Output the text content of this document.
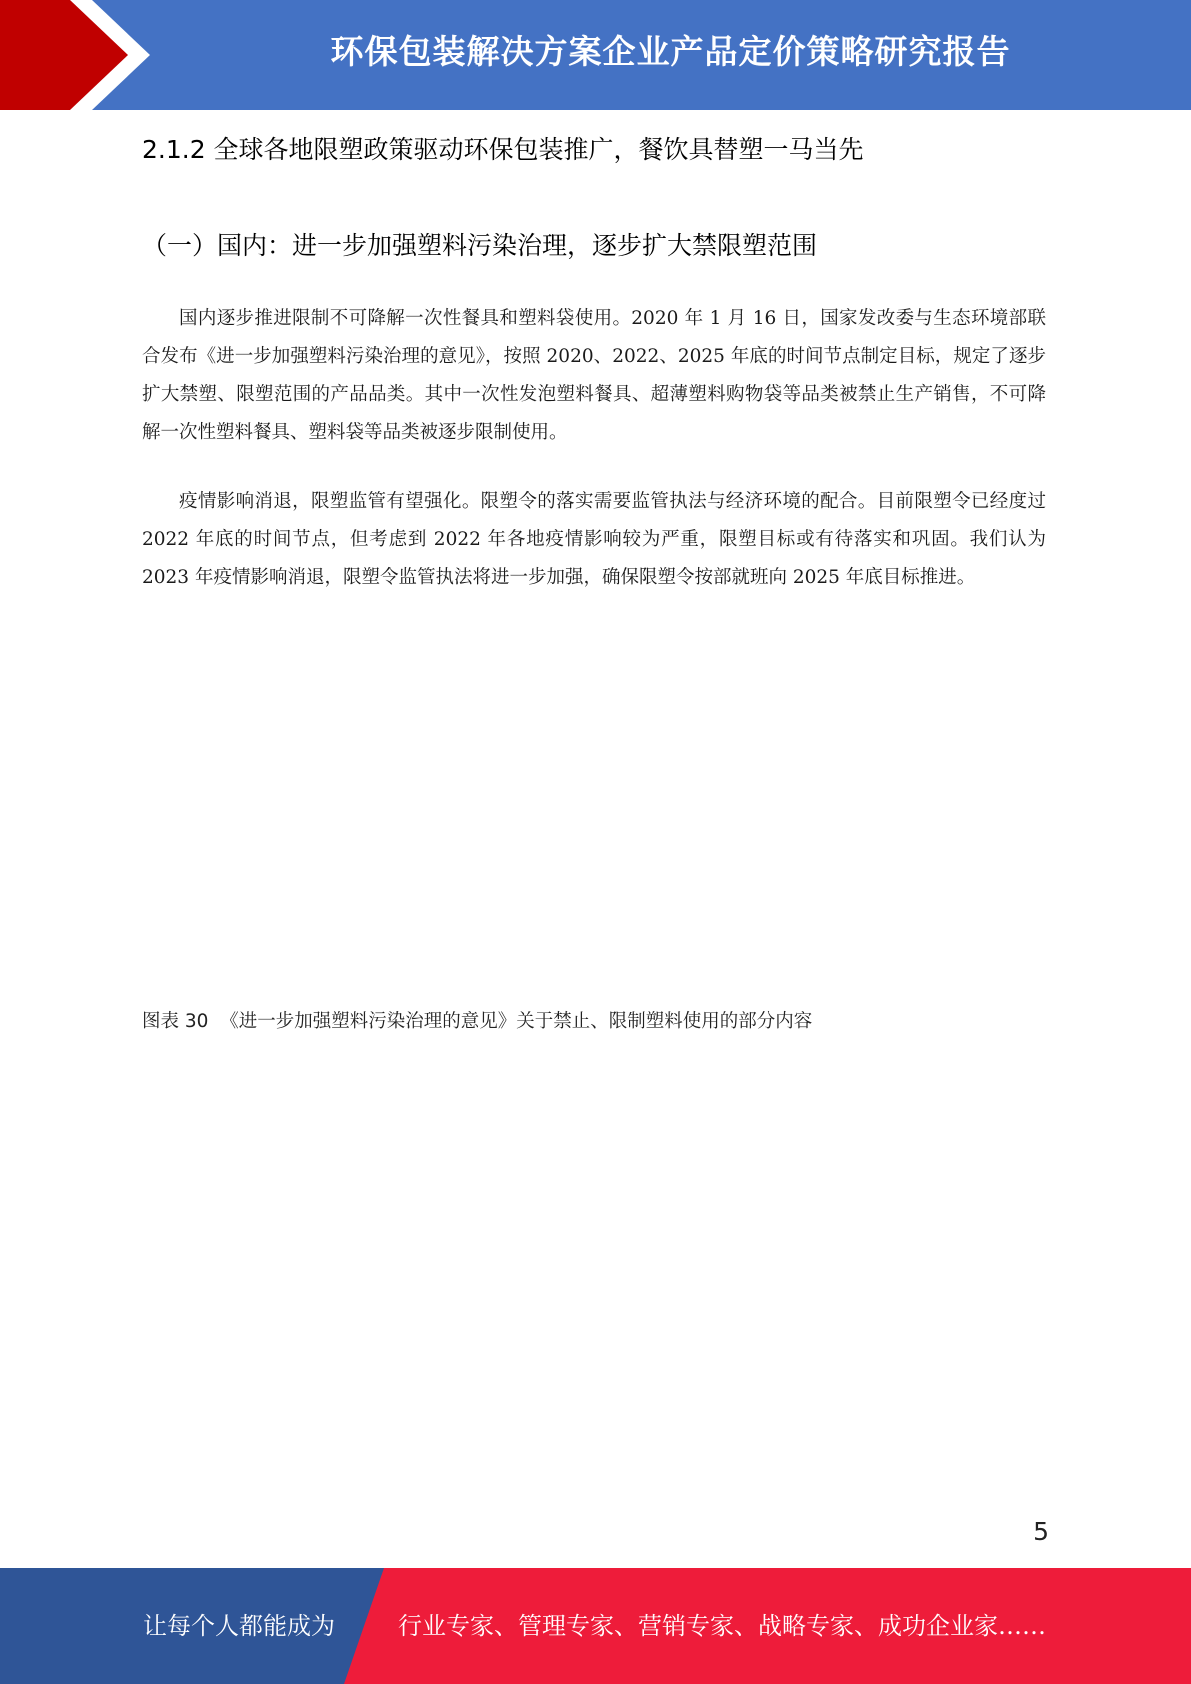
环保包装解决方案企业产品定价策略研究报告
2.1.2 全球各地限塑政策驱动环保包装推广，餐饮具替塑一马当先
（一）国内：进一步加强塑料污染治理，逐步扩大禁限塑范围

国内逐步推进限制不可降解一次性餐具和塑料袋使用。2020 年 1 月 16 日，国家发改委与生态环境部联合发布《进一步加强塑料污染治理的意见》，按照 2020、2022、2025 年底的时间节点制定目标，规定了逐步扩大禁塑、限塑范围的产品品类。其中一次性发泡塑料餐具、超薄塑料购物袋等品类被禁止生产销售，不可降解一次性塑料餐具、塑料袋等品类被逐步限制使用。

疫情影响消退，限塑监管有望强化。限塑令的落实需要监管执法与经济环境的配合。目前限塑令已经度过 2022 年底的时间节点，但考虑到 2022 年各地疫情影响较为严重，限塑目标或有待落实和巩固。我们认为 2023 年疫情影响消退，限塑令监管执法将进一步加强，确保限塑令按部就班向 2025 年底目标推进。

图表 30 《进一步加强塑料污染治理的意见》关于禁止、限制塑料使用的部分内容
5
让每个人都能成为	行业专家、管理专家、营销专家、战略专家、成功企业家……
